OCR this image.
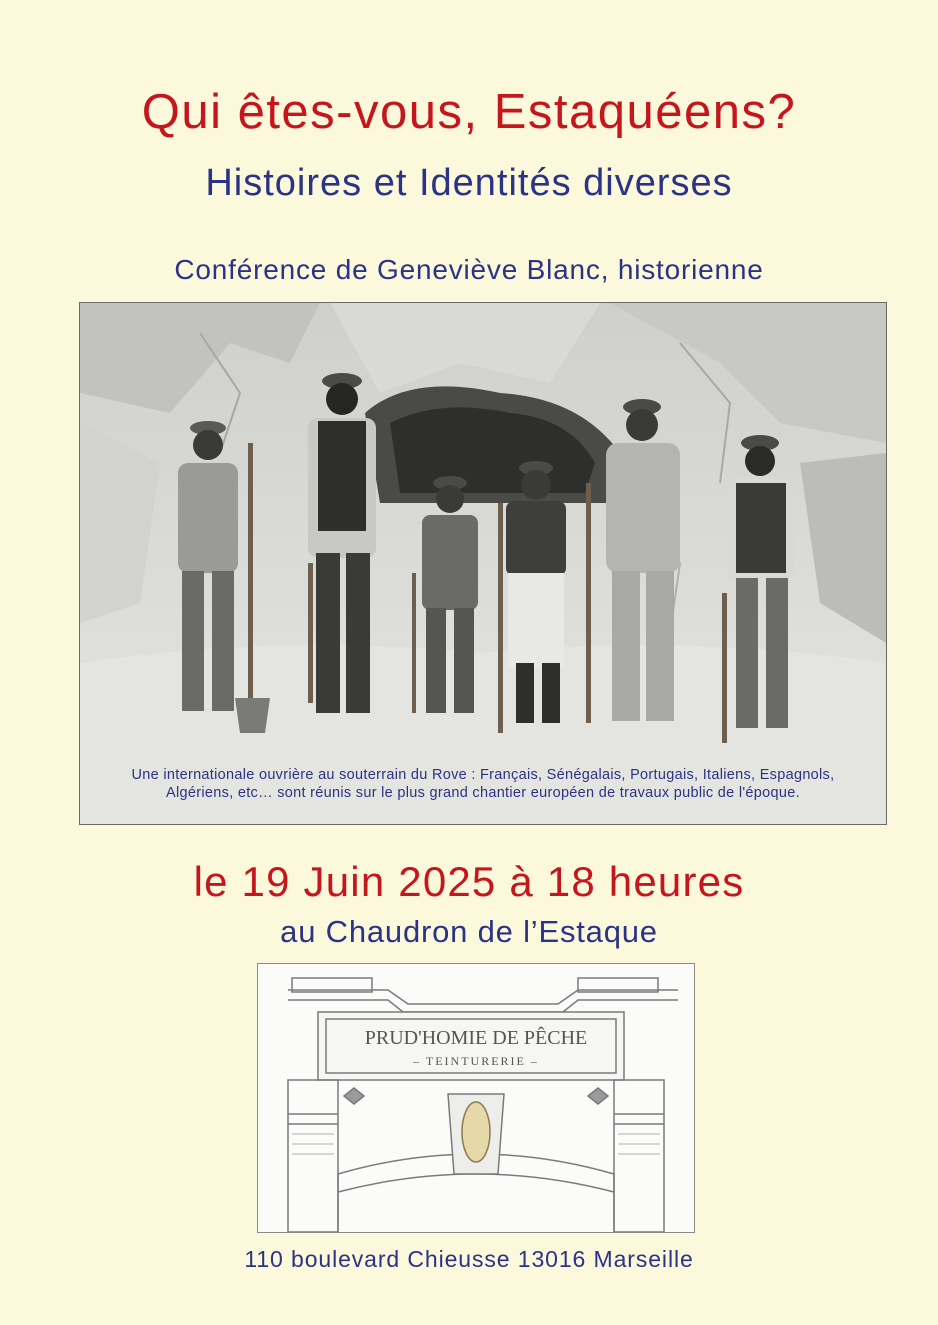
Qui êtes-vous, Estaquéens?
Histoires et Identités diverses
Conférence de Geneviève Blanc, historienne
Une internationale ouvrière au souterrain du Rove : Français, Sénégalais, Portugais, Italiens, Espagnols,
Algériens, etc… sont réunis sur le plus grand chantier européen de travaux public de l'époque.
le 19 Juin 2025 à 18 heures
au Chaudron de l’Estaque
PRUD'HOMIE DE PÊCHE
– TEINTURERIE –
110 boulevard Chieusse 13016 Marseille
